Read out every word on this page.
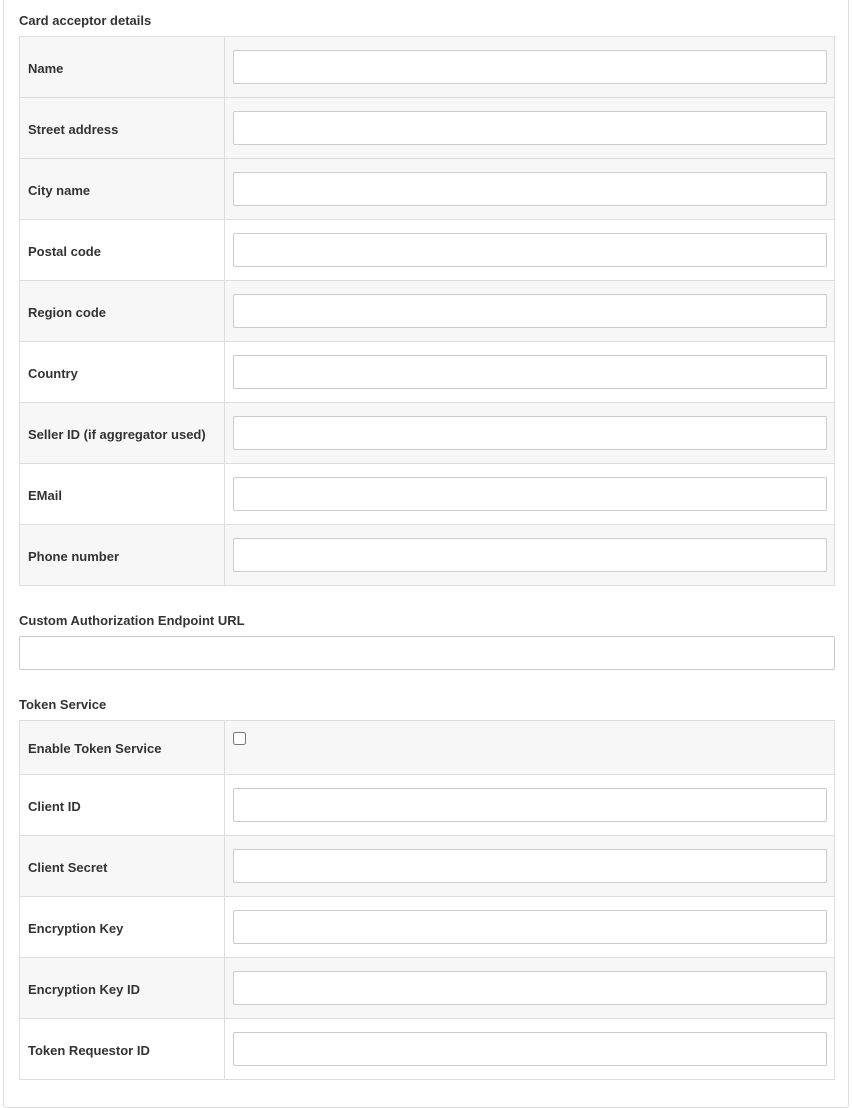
Card acceptor details
Name	

Street address	

City name	

Postal code	

Region code	

Country	

Seller ID (if aggregator used)	

EMail	

Phone number	
Custom Authorization Endpoint URL
Token Service
Enable Token Service	

Client ID	

Client Secret	

Encryption Key	

Encryption Key ID	

Token Requestor ID	
